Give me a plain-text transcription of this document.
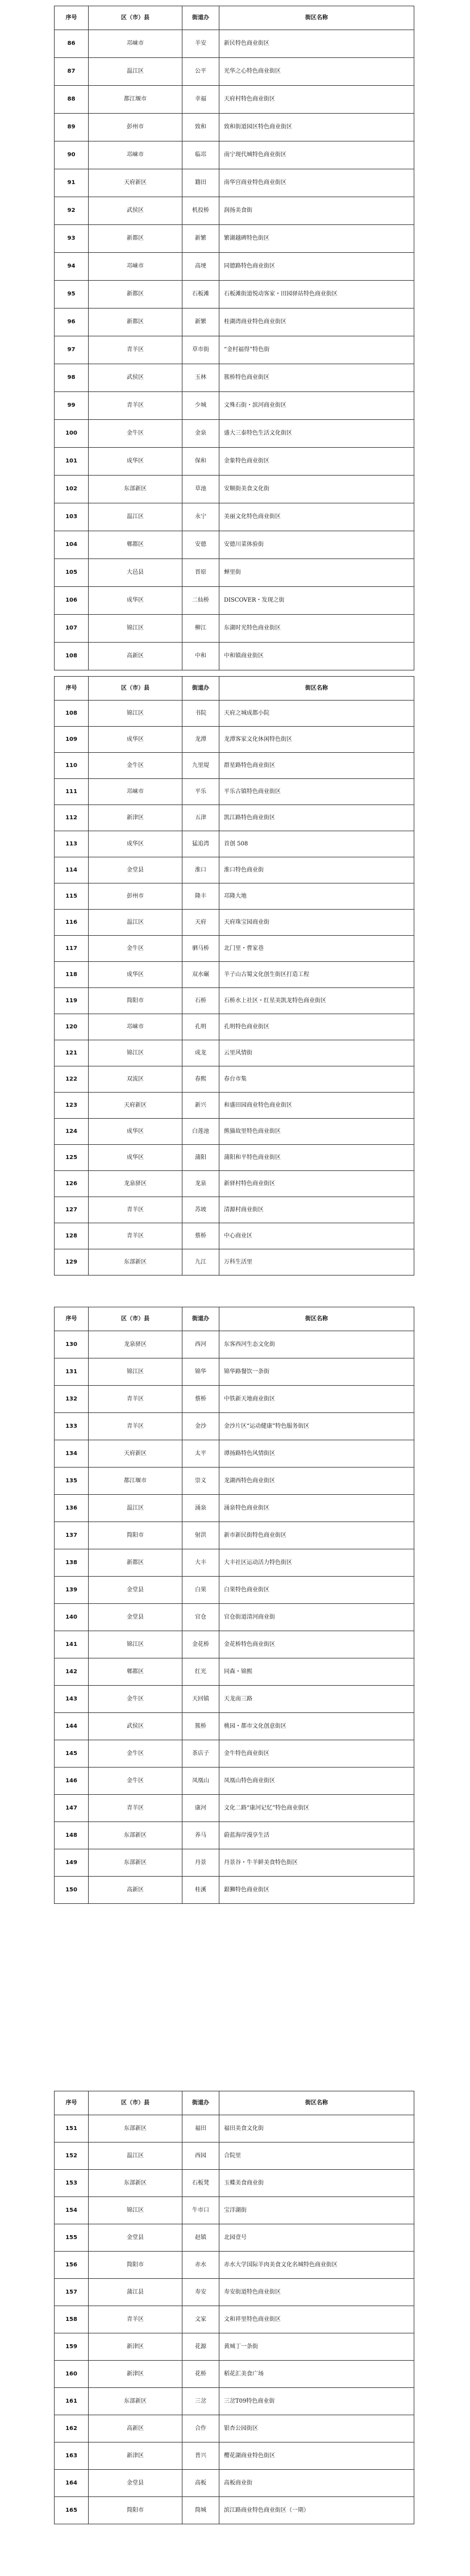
序号	区（市）县	街道办	街区名称
86	邛崃市	羊安	新民特色商业街区
87	温江区	公平	光华之心特色商业街区
88	都江堰市	幸福	天府村特色商业街区
89	彭州市	致和	致和街道园区特色商业街区
90	邛崃市	临邛	南宁现代城特色商业街区
91	天府新区	籍田	南华宫商业特色商业街区
92	武侯区	机投桥	润扬美食街
93	新都区	新繁	繁湖越碑特色街区
94	邛崃市	高埂	同德路特色商业街区
95	新都区	石板滩	石板滩街道悦动客家・田园驿站特色商业街区
96	新都区	新繁	桂湖湾商业特色商业街区
97	青羊区	草市街	“金村福得”特色街
98	武侯区	玉林	簇桥特色商业街区
99	青羊区	少城	文殊石街・滨河商业街区
100	金牛区	金泉	盛大三泰特色生活文化街区
101	成华区	保和	金象特色商业街区
102	东部新区	草池	安顺街美食文化街
103	温江区	永宁	美丽文化特色商业街区
104	郫都区	安德	安德川菜体验街
105	大邑县	晋原	蝉里街
106	成华区	二仙桥	DISCOVER・发现之街
107	锦江区	柳江	东湖时光特色商业街区
108	高新区	中和	中和镇商业街区
序号	区（市）县	街道办	街区名称
108	锦江区	书院	天府之城成都小院
109	成华区	龙潭	龙潭客家文化休闲特色街区
110	金牛区	九里堤	群星路特色商业街区
111	邛崃市	平乐	平乐古镇特色商业街区
112	新津区	五津	凯江路特色商业街区
113	成华区	猛追湾	首创 508
114	金堂县	淮口	淮口特色商业街
115	彭州市	隆丰	邛隆大地
116	温江区	天府	天府珠宝园商业街
117	金牛区	驷马桥	北门里・曹家巷
118	成华区	双水碾	羊子山古蜀文化创生街区打造工程
119	简阳市	石桥	石桥水上社区・红星美凯龙特色商业街区
120	邛崃市	孔明	孔明特色商业街区
121	锦江区	成龙	云里风情街
122	双流区	春熙	春台市集
123	天府新区	新兴	和盛田园商业特色商业街区
124	成华区	白莲池	熊猫故里特色商业街区
125	成华区	蒲阳	蒲阳和平特色商业街区
126	龙泉驿区	龙泉	新驿村特色商业街区
127	青羊区	苏坡	清源村商业街区
128	青羊区	蔡桥	中心商业区
129	东部新区	九江	万科生活里
序号	区（市）县	街道办	街区名称
130	龙泉驿区	西河	东客西河生态文化街
131	锦江区	锦华	锦华路餐饮一条街
132	青羊区	蔡桥	中铁新天地商业街区
133	青羊区	金沙	金沙片区“运动健康”特色服务街区
134	天府新区	太平	谭扬路特色风情街区
135	都江堰市	崇义	龙湖西特色商业街区
136	温江区	涌泉	涌泉特色商业街区
137	简阳市	射洪	新市新民街特色商业街区
138	新都区	大丰	大丰社区运动活力特色街区
139	金堂县	白果	白果特色商业街区
140	金堂县	官仓	官仓街道清河商业街
141	锦江区	金花桥	金花桥特色商业街区
142	郫都区	红光	同森・锦熙
143	金牛区	天回镇	天龙南三路
144	武侯区	簇桥	桃园・都市文化创意街区
145	金牛区	茶店子	金牛特色商业街区
146	金牛区	凤凰山	凤凰山特色商业街区
147	青羊区	康河	文化二路“康河记忆”特色商业街区
148	东部新区	养马	蔚蓝海岸漫享生活
149	东部新区	丹景	丹景谷・牛羊鲜美食特色街区
150	高新区	桂溪	銀狮特色商业街区
序号	区（市）县	街道办	街区名称
151	东部新区	福田	福田美食文化街
152	温江区	西园	合院里
153	东部新区	石板凳	玉蝶美食商业街
154	锦江区	牛市口	宝洋湖街
155	金堂县	赵镇	北园壹号
156	简阳市	赤水	赤水大学国际羊肉美食文化名城特色商业街区
157	蒲江县	寿安	寿安街道特色商业街区
158	青羊区	文家	文和祥里特色商业街区
159	新津区	花源	黄城丁一条街
160	新津区	花桥	稻花汇美食广场
161	东部新区	三岔	三岔T09特色商业街
162	高新区	合作	银杏公园街区
163	新津区	普兴	樱花湖商业特色街区
164	金堂县	高板	高板商业街
165	简阳市	简城	滨江路商业特色商业街区（一期）
